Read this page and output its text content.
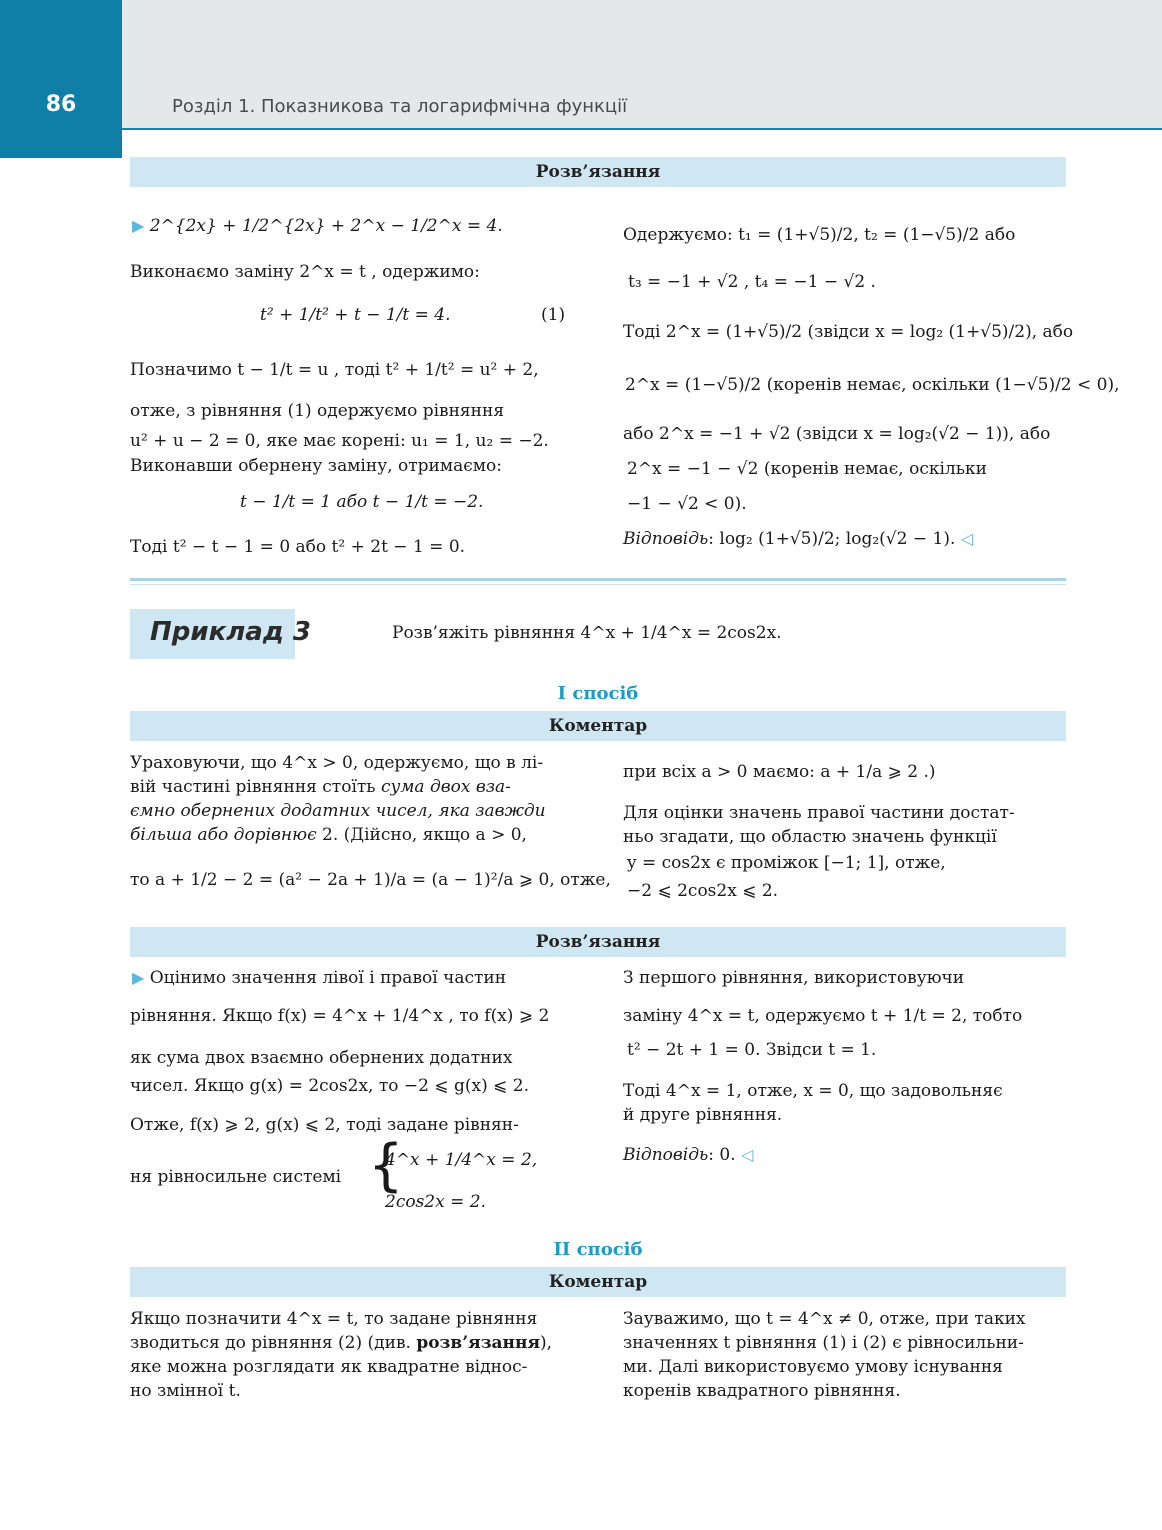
86	Розділ 1. Показникова та логарифмічна функції
Розв’язання
▶ 2^{2x} + 1/2^{2x} + 2^x − 1/2^x = 4.
Виконаємо заміну 2^x = t , одержимо:
t² + 1/t² + t − 1/t = 4.	(1)
Позначимо t − 1/t = u , тоді t² + 1/t² = u² + 2,
отже, з рівняння (1) одержуємо рівняння
u² + u − 2 = 0, яке має корені: u₁ = 1, u₂ = −2.
Виконавши обернену заміну, отримаємо:
t − 1/t = 1 або t − 1/t = −2.
Тоді t² − t − 1 = 0 або t² + 2t − 1 = 0.
Одержуємо: t₁ = (1+√5)/2, t₂ = (1−√5)/2 або
t₃ = −1 + √2 , t₄ = −1 − √2 .
Тоді 2^x = (1+√5)/2 (звідси x = log₂ (1+√5)/2), або
2^x = (1−√5)/2 (коренів немає, оскільки (1−√5)/2 < 0),
або 2^x = −1 + √2 (звідси x = log₂(√2 − 1)), або
2^x = −1 − √2 (коренів немає, оскільки
−1 − √2 < 0).
Відповідь: log₂ (1+√5)/2; log₂(√2 − 1). ◁
Приклад 3	Розв’яжіть рівняння 4^x + 1/4^x = 2cos2x.
I спосіб
Коментар
Ураховуючи, що 4^x > 0, одержуємо, що в лі-
вій частині рівняння стоїть сума двох вза-
ємно обернених додатних чисел, яка завжди
більша або дорівнює 2. (Дійсно, якщо a > 0,
то a + 1/2 − 2 = (a² − 2a + 1)/a = (a − 1)²/a ⩾ 0, отже,
при всіх a > 0 маємо: a + 1/a ⩾ 2 .)
Для оцінки значень правої частини достат-
ньо згадати, що областю значень функції
y = cos2x є проміжок [−1; 1], отже,
−2 ⩽ 2cos2x ⩽ 2.
Розв’язання
▶ Оцінимо значення лівої і правої частин
рівняння. Якщо f(x) = 4^x + 1/4^x , то f(x) ⩾ 2
як сума двох взаємно обернених додатних
чисел. Якщо g(x) = 2cos2x, то −2 ⩽ g(x) ⩽ 2.
Отже, f(x) ⩾ 2, g(x) ⩽ 2, тоді задане рівнян-
ня рівносильне системі {
4^x + 1/4^x = 2,
2cos2x = 2.
З першого рівняння, використовуючи
заміну 4^x = t, одержуємо t + 1/t = 2, тобто
t² − 2t + 1 = 0. Звідси t = 1.
Тоді 4^x = 1, отже, x = 0, що задовольняє
й друге рівняння.
Відповідь: 0. ◁
II спосіб
Коментар
Якщо позначити 4^x = t, то задане рівняння
зводиться до рівняння (2) (див. розв’язання),
яке можна розглядати як квадратне віднос-
но змінної t.
Зауважимо, що t = 4^x ≠ 0, отже, при таких
значеннях t рівняння (1) і (2) є рівносильни-
ми. Далі використовуємо умову існування
коренів квадратного рівняння.
